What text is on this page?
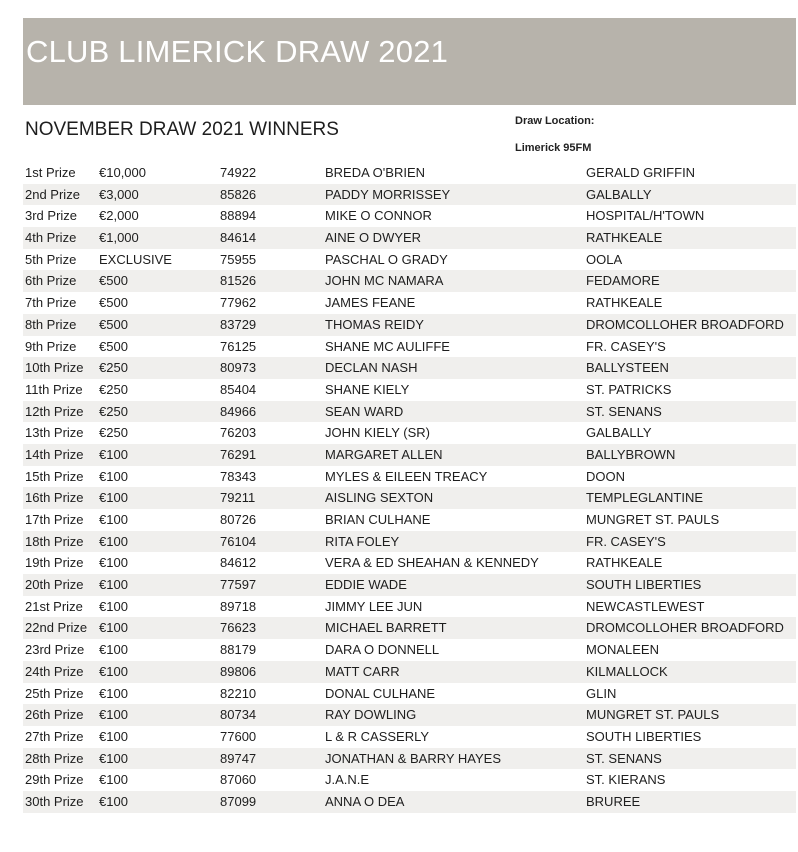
CLUB LIMERICK DRAW 2021
NOVEMBER DRAW 2021 WINNERS	Draw Location:
Limerick 95FM
1st Prize €10,000	74922	BREDA O'BRIEN	GERALD GRIFFIN
2nd Prize €3,000	85826	PADDY MORRISSEY	GALBALLY
3rd Prize €2,000	88894	MIKE O CONNOR	HOSPITAL/H'TOWN
4th Prize €1,000	84614	AINE O DWYER	RATHKEALE
5th Prize EXCLUSIVE	75955	PASCHAL O GRADY	OOLA
6th Prize €500	81526	JOHN MC NAMARA	FEDAMORE
7th Prize €500	77962	JAMES FEANE	RATHKEALE
8th Prize €500	83729	THOMAS REIDY	DROMCOLLOHER BROADFORD
9th Prize €500	76125	SHANE MC AULIFFE	FR. CASEY'S
10th Prize €250	80973	DECLAN NASH	BALLYSTEEN
11th Prize €250	85404	SHANE KIELY	ST. PATRICKS
12th Prize €250	84966	SEAN WARD	ST. SENANS
13th Prize €250	76203	JOHN KIELY (SR)	GALBALLY
14th Prize €100	76291	MARGARET ALLEN	BALLYBROWN
15th Prize €100	78343	MYLES & EILEEN TREACY	DOON
16th Prize €100	79211	AISLING SEXTON	TEMPLEGLANTINE
17th Prize €100	80726	BRIAN CULHANE	MUNGRET ST. PAULS
18th Prize €100	76104	RITA FOLEY	FR. CASEY'S
19th Prize €100	84612	VERA & ED SHEAHAN & KENNEDY	RATHKEALE
20th Prize €100	77597	EDDIE WADE	SOUTH LIBERTIES
21st Prize €100	89718	JIMMY LEE JUN	NEWCASTLEWEST
22nd Prize €100	76623	MICHAEL BARRETT	DROMCOLLOHER BROADFORD
23rd Prize €100	88179	DARA O DONNELL	MONALEEN
24th Prize €100	89806	MATT CARR	KILMALLOCK
25th Prize €100	82210	DONAL CULHANE	GLIN
26th Prize €100	80734	RAY DOWLING	MUNGRET ST. PAULS
27th Prize €100	77600	L & R CASSERLY	SOUTH LIBERTIES
28th Prize €100	89747	JONATHAN & BARRY HAYES	ST. SENANS
29th Prize €100	87060	J.A.N.E	ST. KIERANS
30th Prize €100	87099	ANNA O DEA	BRUREE
